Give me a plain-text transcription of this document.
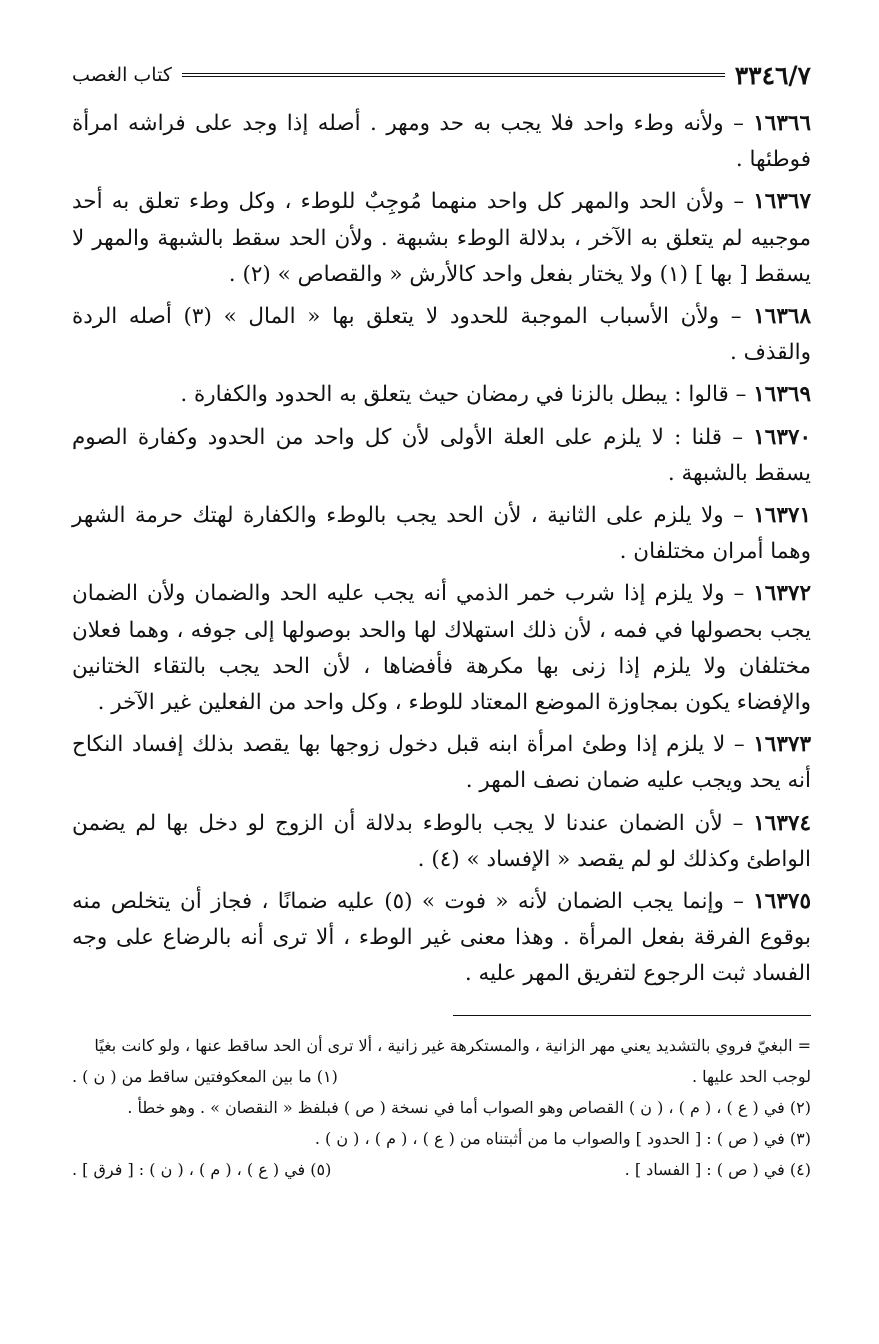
٣٣٤٦/٧
كتاب الغصب

١٦٣٦٦ – ولأنه وطء واحد فلا يجب به حد ومهر . أصله إذا وجد على فراشه امرأة فوطئها .

١٦٣٦٧ – ولأن الحد والمهر كل واحد منهما مُوجِبٌ للوطء ، وكل وطء تعلق به أحد موجبيه لم يتعلق به الآخر ، بدلالة الوطء بشبهة . ولأن الحد سقط بالشبهة والمهر لا يسقط [ بها ] (١) ولا يختار بفعل واحد كالأرش « والقصاص » (٢) .

١٦٣٦٨ – ولأن الأسباب الموجبة للحدود لا يتعلق بها « المال » (٣) أصله الردة والقذف .

١٦٣٦٩ – قالوا : يبطل بالزنا في رمضان حيث يتعلق به الحدود والكفارة .

١٦٣٧٠ – قلنا : لا يلزم على العلة الأولى لأن كل واحد من الحدود وكفارة الصوم يسقط بالشبهة .

١٦٣٧١ – ولا يلزم على الثانية ، لأن الحد يجب بالوطء والكفارة لهتك حرمة الشهر وهما أمران مختلفان .

١٦٣٧٢ – ولا يلزم إذا شرب خمر الذمي أنه يجب عليه الحد والضمان ولأن الضمان يجب بحصولها في فمه ، لأن ذلك استهلاك لها والحد بوصولها إلى جوفه ، وهما فعلان مختلفان ولا يلزم إذا زنى بها مكرهة فأفضاها ، لأن الحد يجب بالتقاء الختانين والإفضاء يكون بمجاوزة الموضع المعتاد للوطء ، وكل واحد من الفعلين غير الآخر .

١٦٣٧٣ – لا يلزم إذا وطئ امرأة ابنه قبل دخول زوجها بها يقصد بذلك إفساد النكاح أنه يحد ويجب عليه ضمان نصف المهر .

١٦٣٧٤ – لأن الضمان عندنا لا يجب بالوطء بدلالة أن الزوج لو دخل بها لم يضمن الواطئ وكذلك لو لم يقصد « الإفساد » (٤) .

١٦٣٧٥ – وإنما يجب الضمان لأنه « فوت » (٥) عليه ضمانًا ، فجاز أن يتخلص منه بوقوع الفرقة بفعل المرأة . وهذا معنى غير الوطء ، ألا ترى أنه بالرضاع على وجه الفساد ثبت الرجوع لتفريق المهر عليه .

= البغيّ فروي بالتشديد يعني مهر الزانية ، والمستكرهة غير زانية ، ألا ترى أن الحد ساقط عنها ، ولو كانت بغيًا

لوجب الحد عليها .
(١) ما بين المعكوفتين ساقط من ( ن ) .

(٢) في ( ع ) ، ( م ) ، ( ن ) القصاص وهو الصواب أما في نسخة ( ص ) فبلفظ « النقصان » . وهو خطأ .

(٣) في ( ص ) : [ الحدود ] والصواب ما من أثبتناه من ( ع ) ، ( م ) ، ( ن ) .

(٤) في ( ص ) : [ الفساد ] .
(٥) في ( ع ) ، ( م ) ، ( ن ) : [ فرق ] .
